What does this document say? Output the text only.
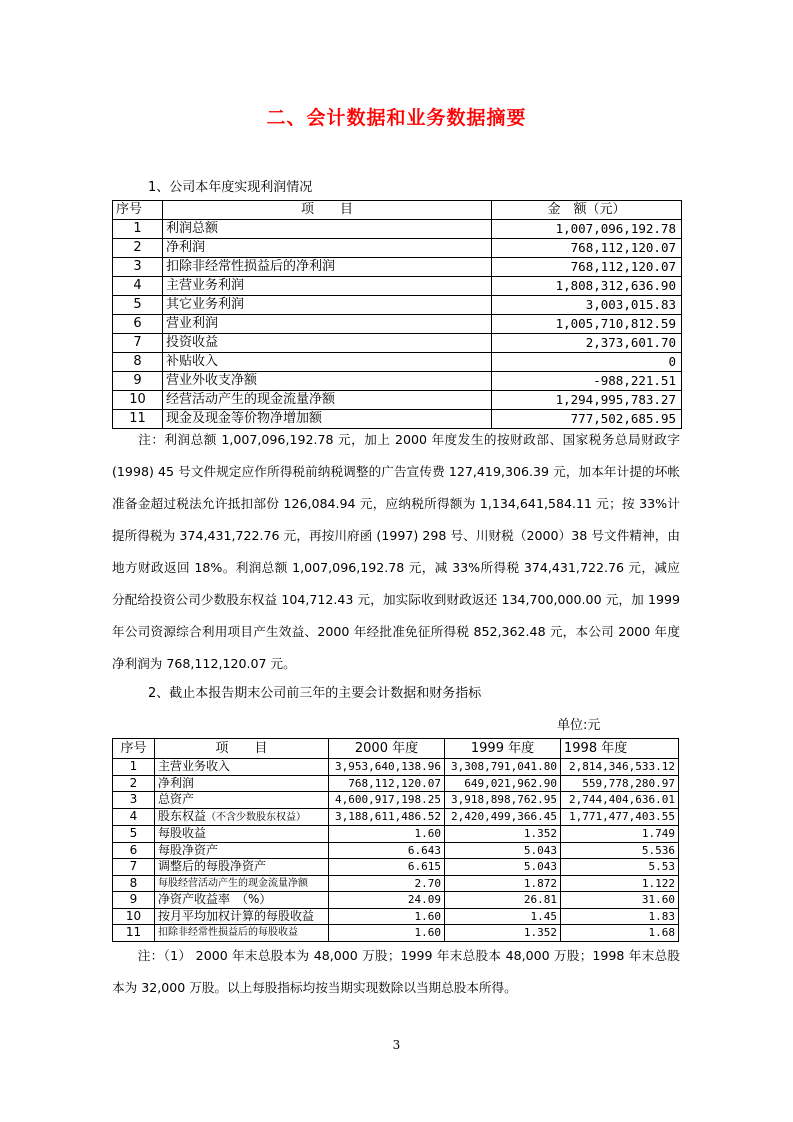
二、会计数据和业务数据摘要
1、公司本年度实现利润情况
序号	项　　目	金　额（元）
1	利润总额	1,007,096,192.78
2	净利润	768,112,120.07
3	扣除非经常性损益后的净利润	768,112,120.07
4	主营业务利润	1,808,312,636.90
5	其它业务利润	3,003,015.83
6	营业利润	1,005,710,812.59
7	投资收益	2,373,601.70
8	补贴收入	0
9	营业外收支净额	-988,221.51
10	经营活动产生的现金流量净额	1,294,995,783.27
11	现金及现金等价物净增加额	777,502,685.95

　　注：利润总额 1,007,096,192.78 元，加上 2000 年度发生的按财政部、国家税务总局财政字 (1998) 45 号文件规定应作所得税前纳税调整的广告宣传费 127,419,306.39 元，加本年计提的坏帐准备金超过税法允许抵扣部份 126,084.94 元，应纳税所得额为 1,134,641,584.11 元；按 33%计提所得税为 374,431,722.76 元，再按川府函 (1997) 298 号、川财税（2000）38 号文件精神，由地方财政返回 18%。利润总额 1,007,096,192.78 元，减 33%所得税 374,431,722.76 元，减应分配给投资公司少数股东权益 104,712.43 元，加实际收到财政返还 134,700,000.00 元，加 1999 年公司资源综合利用项目产生效益、2000 年经批准免征所得税 852,362.48 元，本公司 2000 年度净利润为 768,112,120.07 元。

2、截止本报告期末公司前三年的主要会计数据和财务指标
单位:元
序号	项　　目	2000 年度	1999 年度	1998 年度
1	主营业务收入	3,953,640,138.96	3,308,791,041.80	2,814,346,533.12
2	净利润	768,112,120.07	649,021,962.90	559,778,280.97
3	总资产	4,600,917,198.25	3,918,898,762.95	2,744,404,636.01
4	股东权益（不含少数股东权益）	3,188,611,486.52	2,420,499,366.45	1,771,477,403.55
5	每股收益	1.60	1.352	1.749
6	每股净资产	6.643	5.043	5.536
7	调整后的每股净资产	6.615	5.043	5.53
8	每股经营活动产生的现金流量净额	2.70	1.872	1.122
9	净资产收益率　（%）	24.09	26.81	31.60
10	按月平均加权计算的每股收益	1.60	1.45	1.83
11	扣除非经常性损益后的每股收益	1.60	1.352	1.68

　　注：（1） 2000 年末总股本为 48,000 万股；1999 年末总股本 48,000 万股；1998 年末总股本为 32,000 万股。以上每股指标均按当期实现数除以当期总股本所得。

3
